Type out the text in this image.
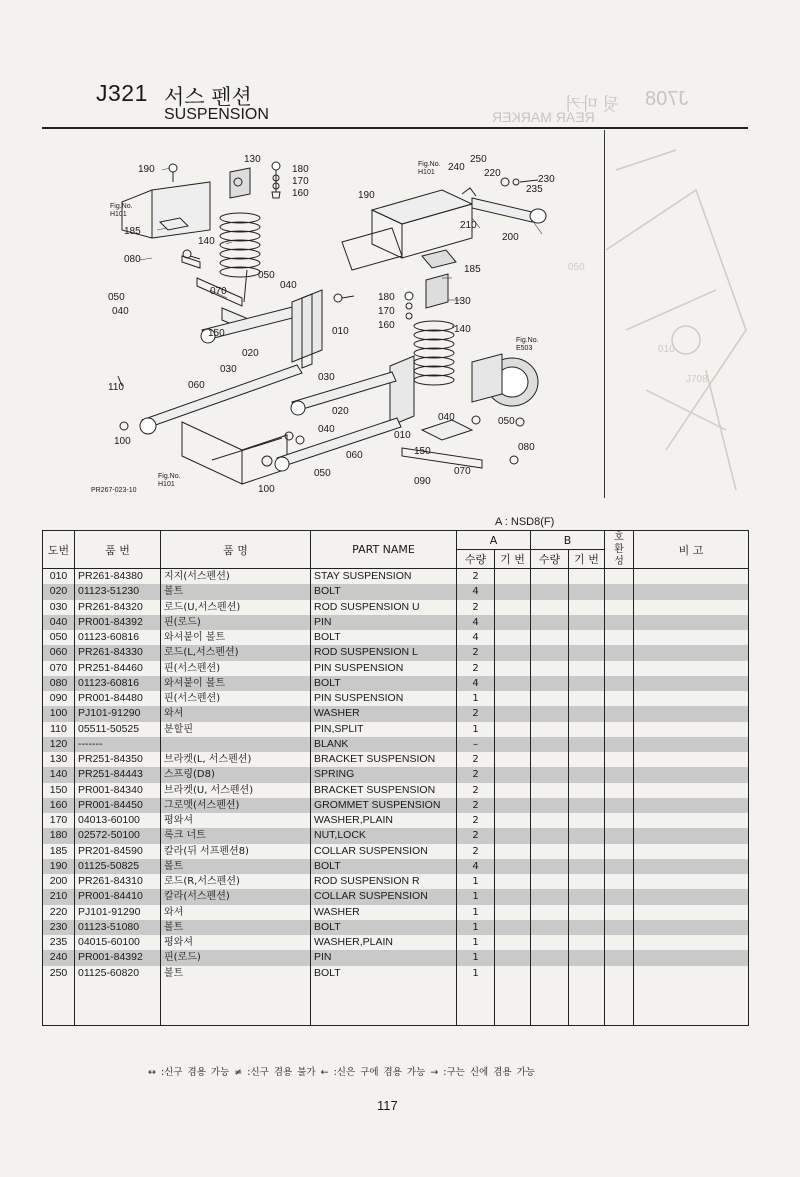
J708
뒷 마커
REAR MARKER
J321 서스 펜션
SUSPENSION
190
130
180
170
160
185
140
080
070
050
040
050
040
150
020
030
010
060
110
100
100
030
020
040
060
050
010
150
090
070
080
050
040
140
130
180
170
160
185
190
240
250
220
230
235
210
200
Fig.No.
H101
Fig.No.
H101
Fig.No.
H101
Fig.No.
E503
050
010
J708
PR267-023-10
A : NSD8(F)
도번	품 번	품 명	PART NAME	A		B		호환성	비 고
				수량	기 번	수량	기 번		
010	PR261-84380	지지(서스펜션)	STAY SUSPENSION	2					
020	01123-51230	볼트	BOLT	4					
030	PR261-84320	로드(U,서스펜션)	ROD SUSPENSION U	2					
040	PR001-84392	핀(로드)	PIN	4					
050	01123-60816	와셔붙이 볼트	BOLT	4					
060	PR261-84330	로드(L,서스펜션)	ROD SUSPENSION L	2					
070	PR251-84460	핀(서스펜션)	PIN SUSPENSION	2					
080	01123-60816	와셔붙이 볼트	BOLT	4					
090	PR001-84480	핀(서스펜션)	PIN SUSPENSION	1					
100	PJ101-91290	와셔	WASHER	2					
110	05511-50525	분할핀	PIN,SPLIT	1					
120	-------		BLANK	–					
130	PR251-84350	브라켓(L, 서스펜션)	BRACKET SUSPENSION	2					
140	PR251-84443	스프링(D8)	SPRING	2					
150	PR001-84340	브라켓(U, 서스펜션)	BRACKET SUSPENSION	2					
160	PR001-84450	그로멧(서스펜션)	GROMMET SUSPENSION	2					
170	04013-60100	평와셔	WASHER,PLAIN	2					
180	02572-50100	록크 너트	NUT,LOCK	2					
185	PR201-84590	칼라(뒤 서프펜션8)	COLLAR SUSPENSION	2					
190	01125-50825	볼트	BOLT	4					
200	PR261-84310	로드(R,서스펜션)	ROD SUSPENSION R	1					
210	PR001-84410	칼라(서스펜션)	COLLAR SUSPENSION	1					
220	PJ101-91290	와셔	WASHER	1					
230	01123-51080	볼트	BOLT	1					
235	04015-60100	평와셔	WASHER,PLAIN	1					
240	PR001-84392	핀(로드)	PIN	1					
250	01125-60820	볼트	BOLT	1					

↔ :신구 겸용 가능 ≠ :신구 겸용 불가 ← :신은 구에 겸용 가능 → :구는 신에 겸용 가능
117
